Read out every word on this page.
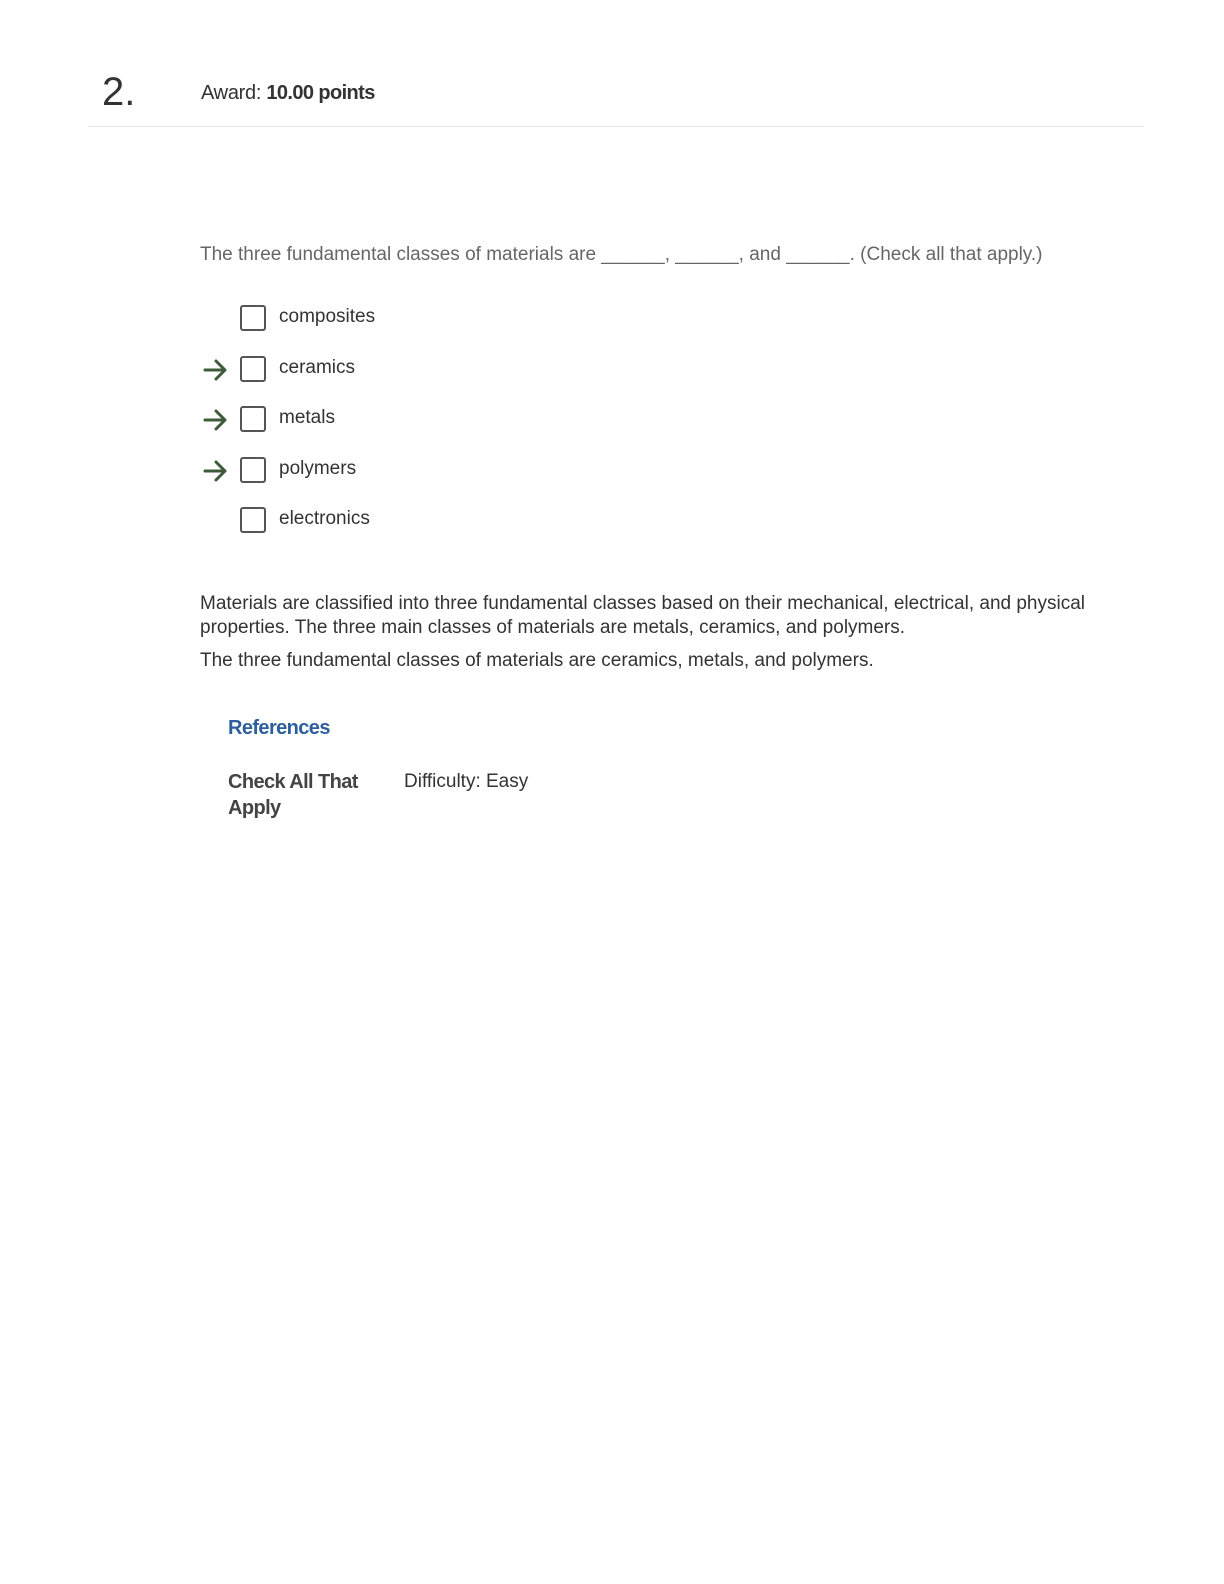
2.	Award: 10.00 points

The three fundamental classes of materials are ______, ______, and ______. (Check all that apply.)

composites
ceramics
metals
polymers
electronics

Materials are classified into three fundamental classes based on their mechanical, electrical, and physical properties. The three main classes of materials are metals, ceramics, and polymers.

The three fundamental classes of materials are ceramics, metals, and polymers.

References
Check All That Apply
Difficulty: Easy
